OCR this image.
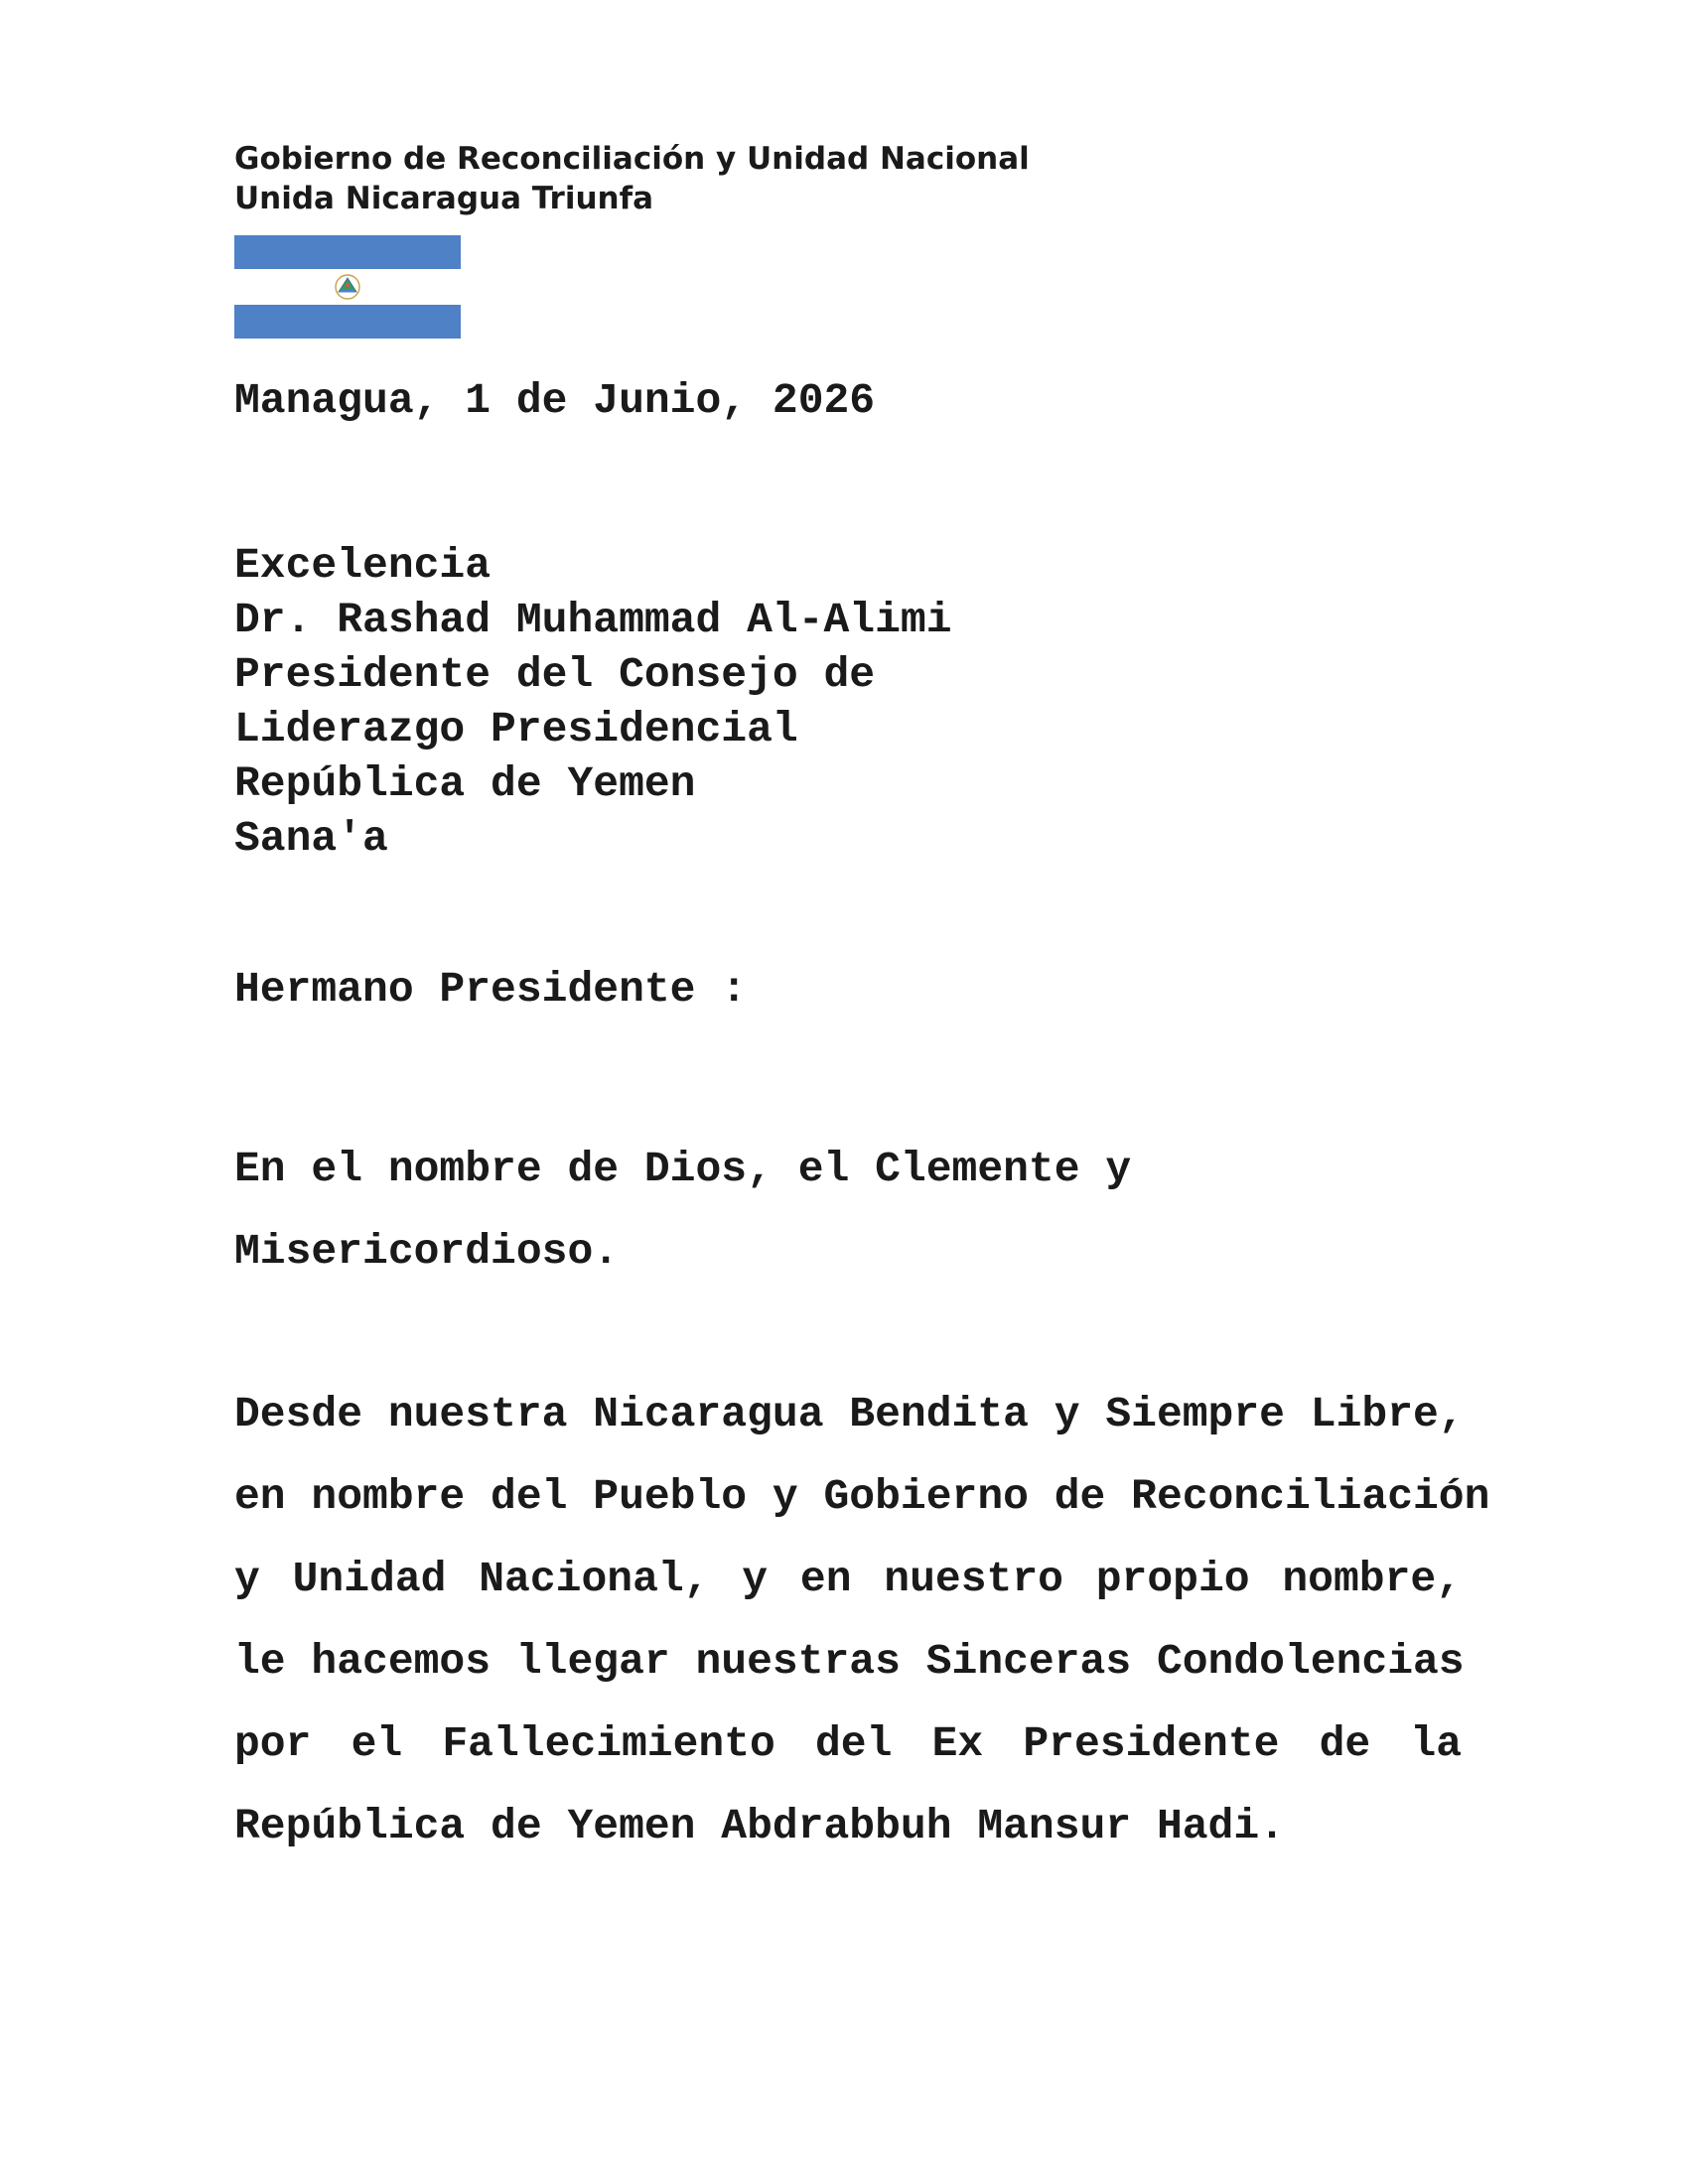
Gobierno de Reconciliación y Unidad Nacional
Unida Nicaragua Triunfa
Managua, 1 de Junio, 2026
Excelencia
Dr. Rashad Muhammad Al-Alimi
Presidente del Consejo de
Liderazgo Presidencial
República de Yemen
Sana'a
Hermano Presidente :
En el nombre de Dios, el Clemente y
Misericordioso.
Desde nuestra Nicaragua Bendita y Siempre Libre,
en nombre del Pueblo y Gobierno de Reconciliación
y Unidad Nacional, y en nuestro propio nombre,
le hacemos llegar nuestras Sinceras Condolencias
por el Fallecimiento del Ex Presidente de la
República de Yemen Abdrabbuh Mansur Hadi.
